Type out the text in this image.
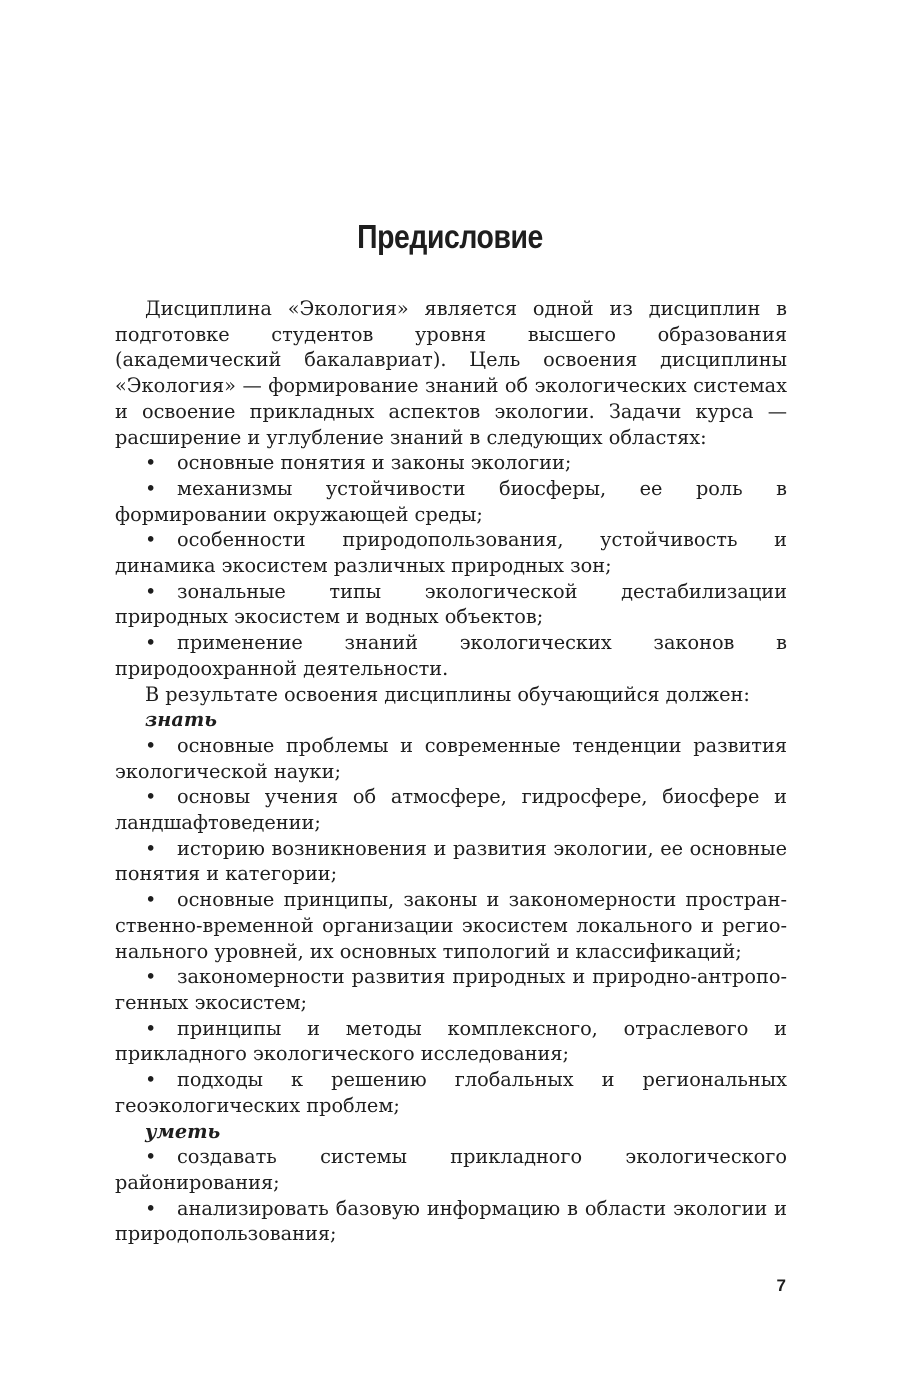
Предисловие

Дисциплина «Экология» является одной из дисциплин в подготовке студентов уровня высшего образования (академический бакалавриат). Цель освоения дисциплины «Экология» — формирование знаний об экологических системах и освоение прикладных аспектов экологии. Задачи курса — расширение и углубление знаний в следующих областях:

• основные понятия и законы экологии;

• механизмы устойчивости биосферы, ее роль в формировании окружающей среды;

• особенности природопользования, устойчивость и динамика экосистем различных природных зон;

• зональные типы экологической дестабилизации природных экосистем и водных объектов;

• применение знаний экологических законов в природоохранной деятельности.

В результате освоения дисциплины обучающийся должен:

знать

• основные проблемы и современные тенденции развития экологической науки;

• основы учения об атмосфере, гидросфере, биосфере и ландшафтоведении;

• историю возникновения и развития экологии, ее основные понятия и категории;

• основные принципы, законы и закономерности пространственно-временной организации экосистем локального и регионального уровней, их основных типологий и классификаций;

• закономерности развития природных и природно-антропогенных экосистем;

• принципы и методы комплексного, отраслевого и прикладного экологического исследования;

• подходы к решению глобальных и региональных геоэкологических проблем;

уметь

• создавать системы прикладного экологического районирования;

• анализировать базовую информацию в области экологии и природопользования;

7
